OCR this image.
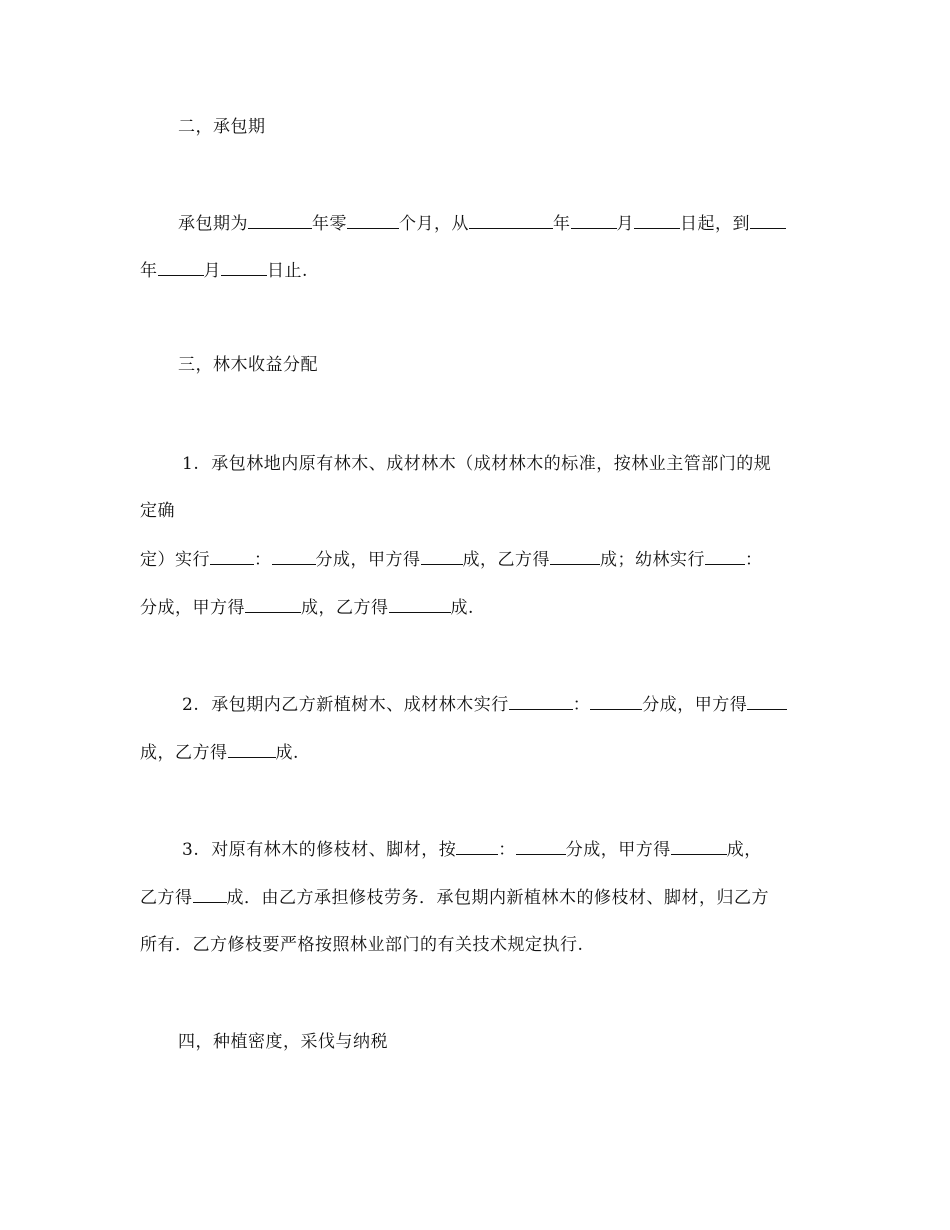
二，承包期
承包期为	年零	个月，从	年	月	日起，到
年	月	日止.
三，林木收益分配
1. 承包林地内原有林木、成材林木（成材林木的标准，按林业主管部门的规
定确
定）实行	：	分成，甲方得 成，乙方得	成；幼林实行 ：
分成，甲方得	成，乙方得	成.
2. 承包期内乙方新植树木、成材林木实行	：	分成，甲方得
成，乙方得	成.
3. 对原有林木的修枝材、脚材，按 ：	分成，甲方得	成，
乙方得 成．由乙方承担修枝劳务．承包期内新植林木的修枝材、脚材，归乙方
所有．乙方修枝要严格按照林业部门的有关技术规定执行.
四，种植密度，采伐与纳税
